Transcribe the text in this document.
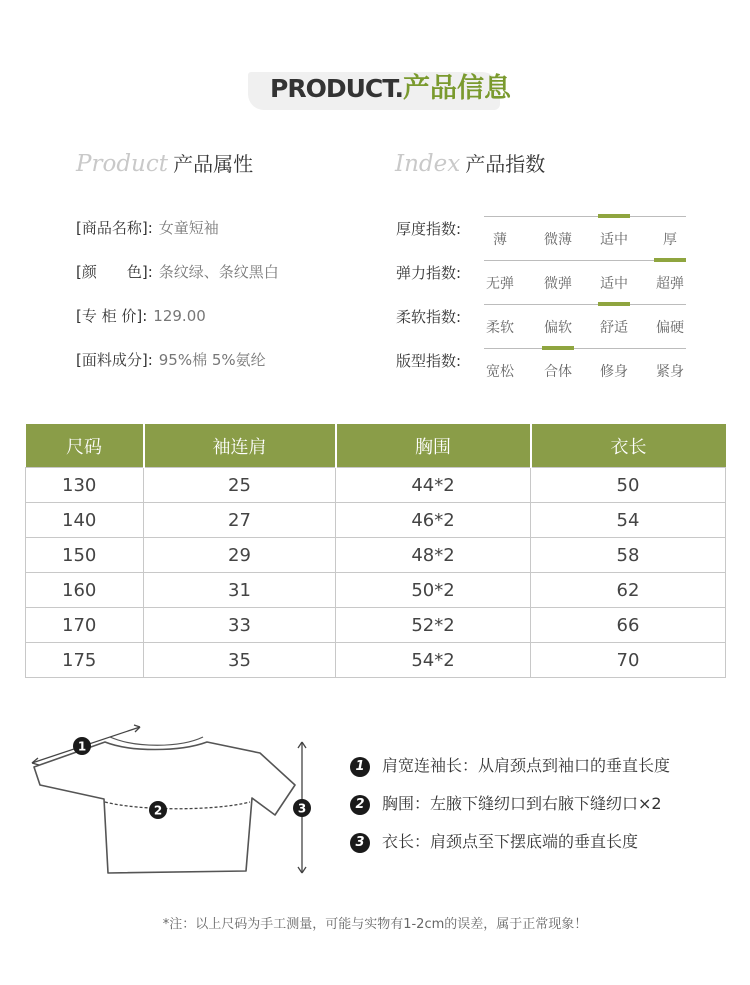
PRODUCT.产品信息
Product 产品属性
[商品名称]: 女童短袖
[颜　　色]: 条纹绿、条纹黑白
[专 柜 价]: 129.00
[面料成分]: 95%棉 5%氨纶
Index 产品指数
厚度指数:
薄	微薄	适中	厚
弹力指数:
无弹	微弹	适中	超弹
柔软指数:
柔软	偏软	舒适	偏硬
版型指数:
宽松	合体	修身	紧身
尺码	袖连肩	胸围	衣长
130	25	44*2	50
140	27	46*2	54
150	29	48*2	58
160	31	50*2	62
170	33	52*2	66
175	35	54*2	70
1
2	3
1 肩宽连袖长：从肩颈点到袖口的垂直长度
2 胸围：左腋下缝纫口到右腋下缝纫口×2
3 衣长：肩颈点至下摆底端的垂直长度
*注：以上尺码为手工测量，可能与实物有1-2cm的误差，属于正常现象！
